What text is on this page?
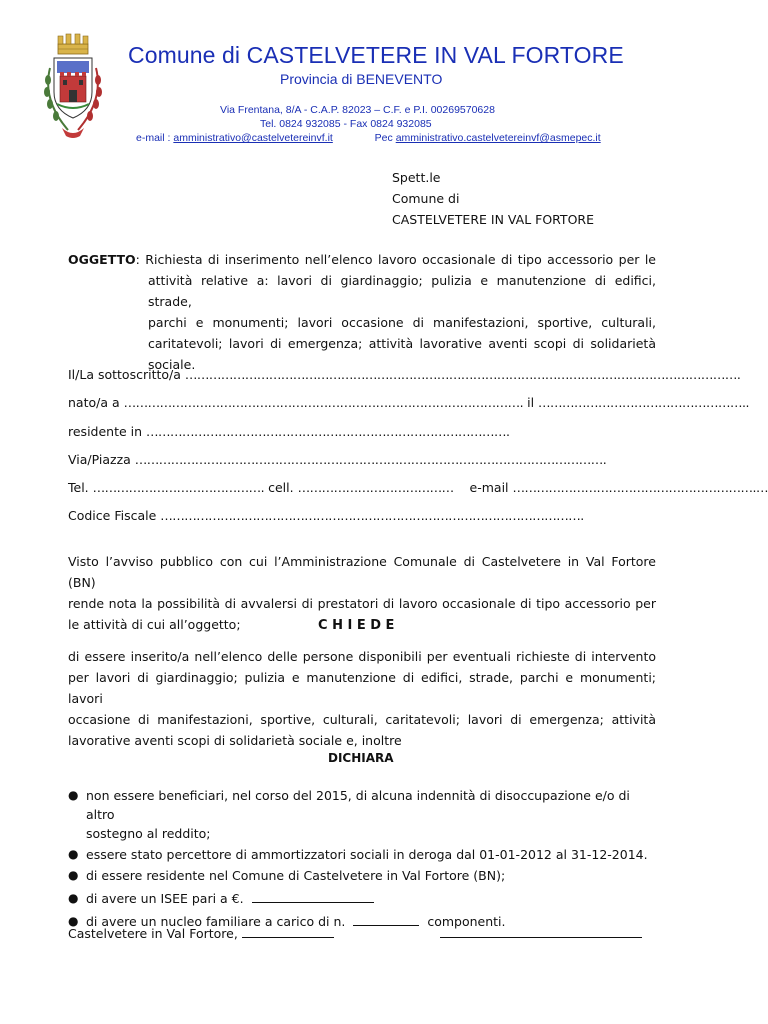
Comune di CASTELVETERE IN VAL FORTORE
Provincia di BENEVENTO
Via Frentana, 8/A - C.A.P. 82023 – C.F. e P.I. 00269570628
Tel. 0824 932085 - Fax 0824 932085
e-mail : amministrativo@castelvetereinvf.it	Pec amministrativo.castelvetereinvf@asmepec.it
Spett.le
Comune di
CASTELVETERE IN VAL FORTORE
OGGETTO: Richiesta di inserimento nell’elenco lavoro occasionale di tipo accessorio per le
attività relative a: lavori di giardinaggio; pulizia e manutenzione di edifici, strade,
parchi e monumenti; lavori occasione di manifestazioni, sportive, culturali,
caritatevoli; lavori di emergenza; attività lavorative aventi scopi di solidarietà
sociale.
Il/La sottoscritto/a ………………………………………………………………………………………………………………………….
nato/a a ………………………………………………………………………………………. il ……………………………………………..
residente in ……………………………………………………………………………….
Via/Piazza ……………………………………………………………………………………………………….
Tel. ……………………………………. cell. ………………………………… e-mail …………………………………………………….…
Codice Fiscale …………………………………………………………………………………………….
Visto l’avviso pubblico con cui l’Amministrazione Comunale di Castelvetere in Val Fortore (BN)
rende nota la possibilità di avvalersi di prestatori di lavoro occasionale di tipo accessorio per
le attività di cui all’oggetto;	C H I E D E
di essere inserito/a nell’elenco delle persone disponibili per eventuali richieste di intervento
per lavori di giardinaggio; pulizia e manutenzione di edifici, strade, parchi e monumenti; lavori
occasione di manifestazioni, sportive, culturali, caritatevoli; lavori di emergenza; attività
lavorative aventi scopi di solidarietà sociale e, inoltre
DICHIARA
● non essere beneficiari, nel corso del 2015, di alcuna indennità di disoccupazione e/o di altro
sostegno al reddito;
● essere stato percettore di ammortizzatori sociali in deroga dal 01-01-2012 al 31-12-2014.
● di essere residente nel Comune di Castelvetere in Val Fortore (BN);
● di avere un ISEE pari a €.
● di avere un nucleo familiare a carico di n.	componenti.
Castelvetere in Val Fortore,
